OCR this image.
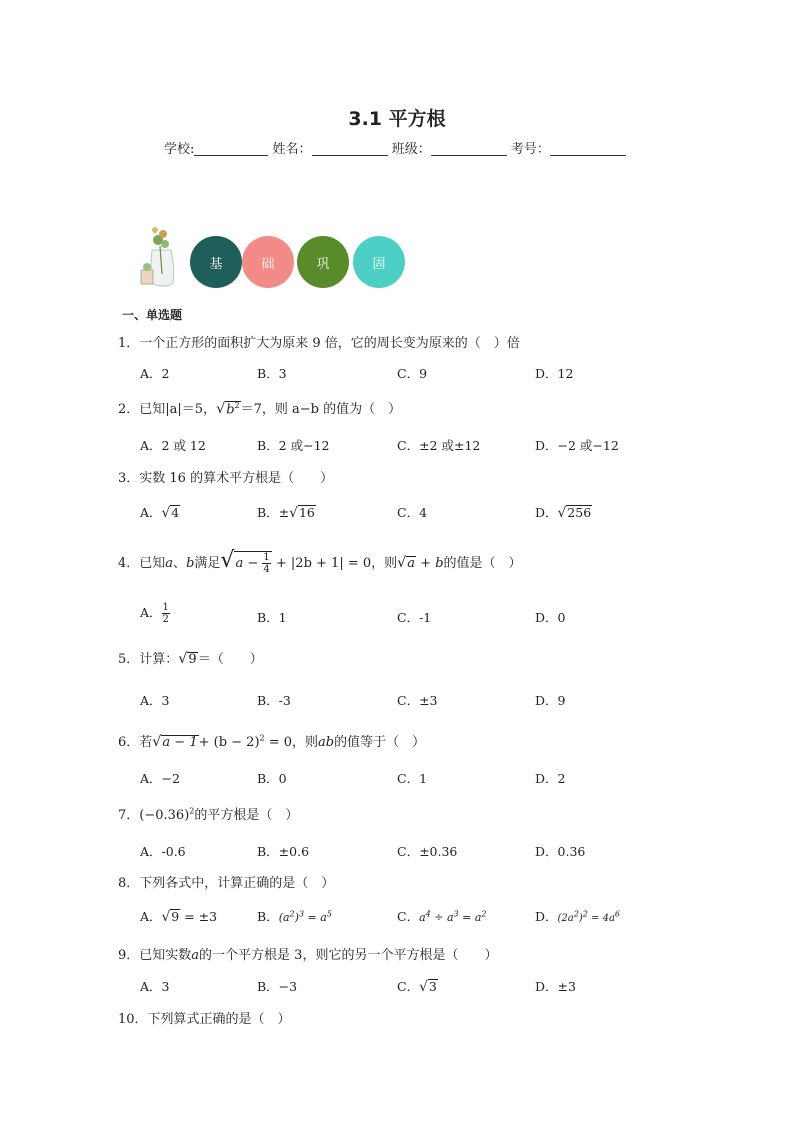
3.1 平方根
学校:	姓名：	班级：	考号：
基	础	巩	固
一、单选题
1．一个正方形的面积扩大为原来 9 倍，它的周长变为原来的（　）倍
A．2	B．3	C．9	D．12
2．已知|a|＝5，$√b^2=7$，则 a−b 的值为（　）
A．2 或 12	B．2 或−12	C．±2 或±12	D．−2 或−12
3．实数 16 的算术平方根是（　　）
A．√4	B．±√16	C．4	D．√256
4．已知a、b满足$√a - \frac{1}{4} + |2b + 1| = 0$，则√a + b的值是（　）
A． $\frac{1}{2}$	B．1	C．-1	D．0
5．计算：√9＝（　　）
A．3	B．-3	C．±3	D．9
6．若$√a - 1+ (b - 2)^2 = 0$，则ab的值等于（　）
A．−2	B．0	C．1	D．2
7．$(-0.36)^2$的平方根是（　）
A．-0.6	B．±0.6	C．±0.36	D．0.36
8．下列各式中，计算正确的是（　）
A．√9 = ±3	B．$(a^2)^3 = a^5$	C．$a^4 \div a^3 = a^2$	D．$(2a^2)^2 = 4a^6$
9．已知实数a的一个平方根是 3，则它的另一个平方根是（　　）
A．3	B．−3	C．√3	D．±3
10．下列算式正确的是（　）
